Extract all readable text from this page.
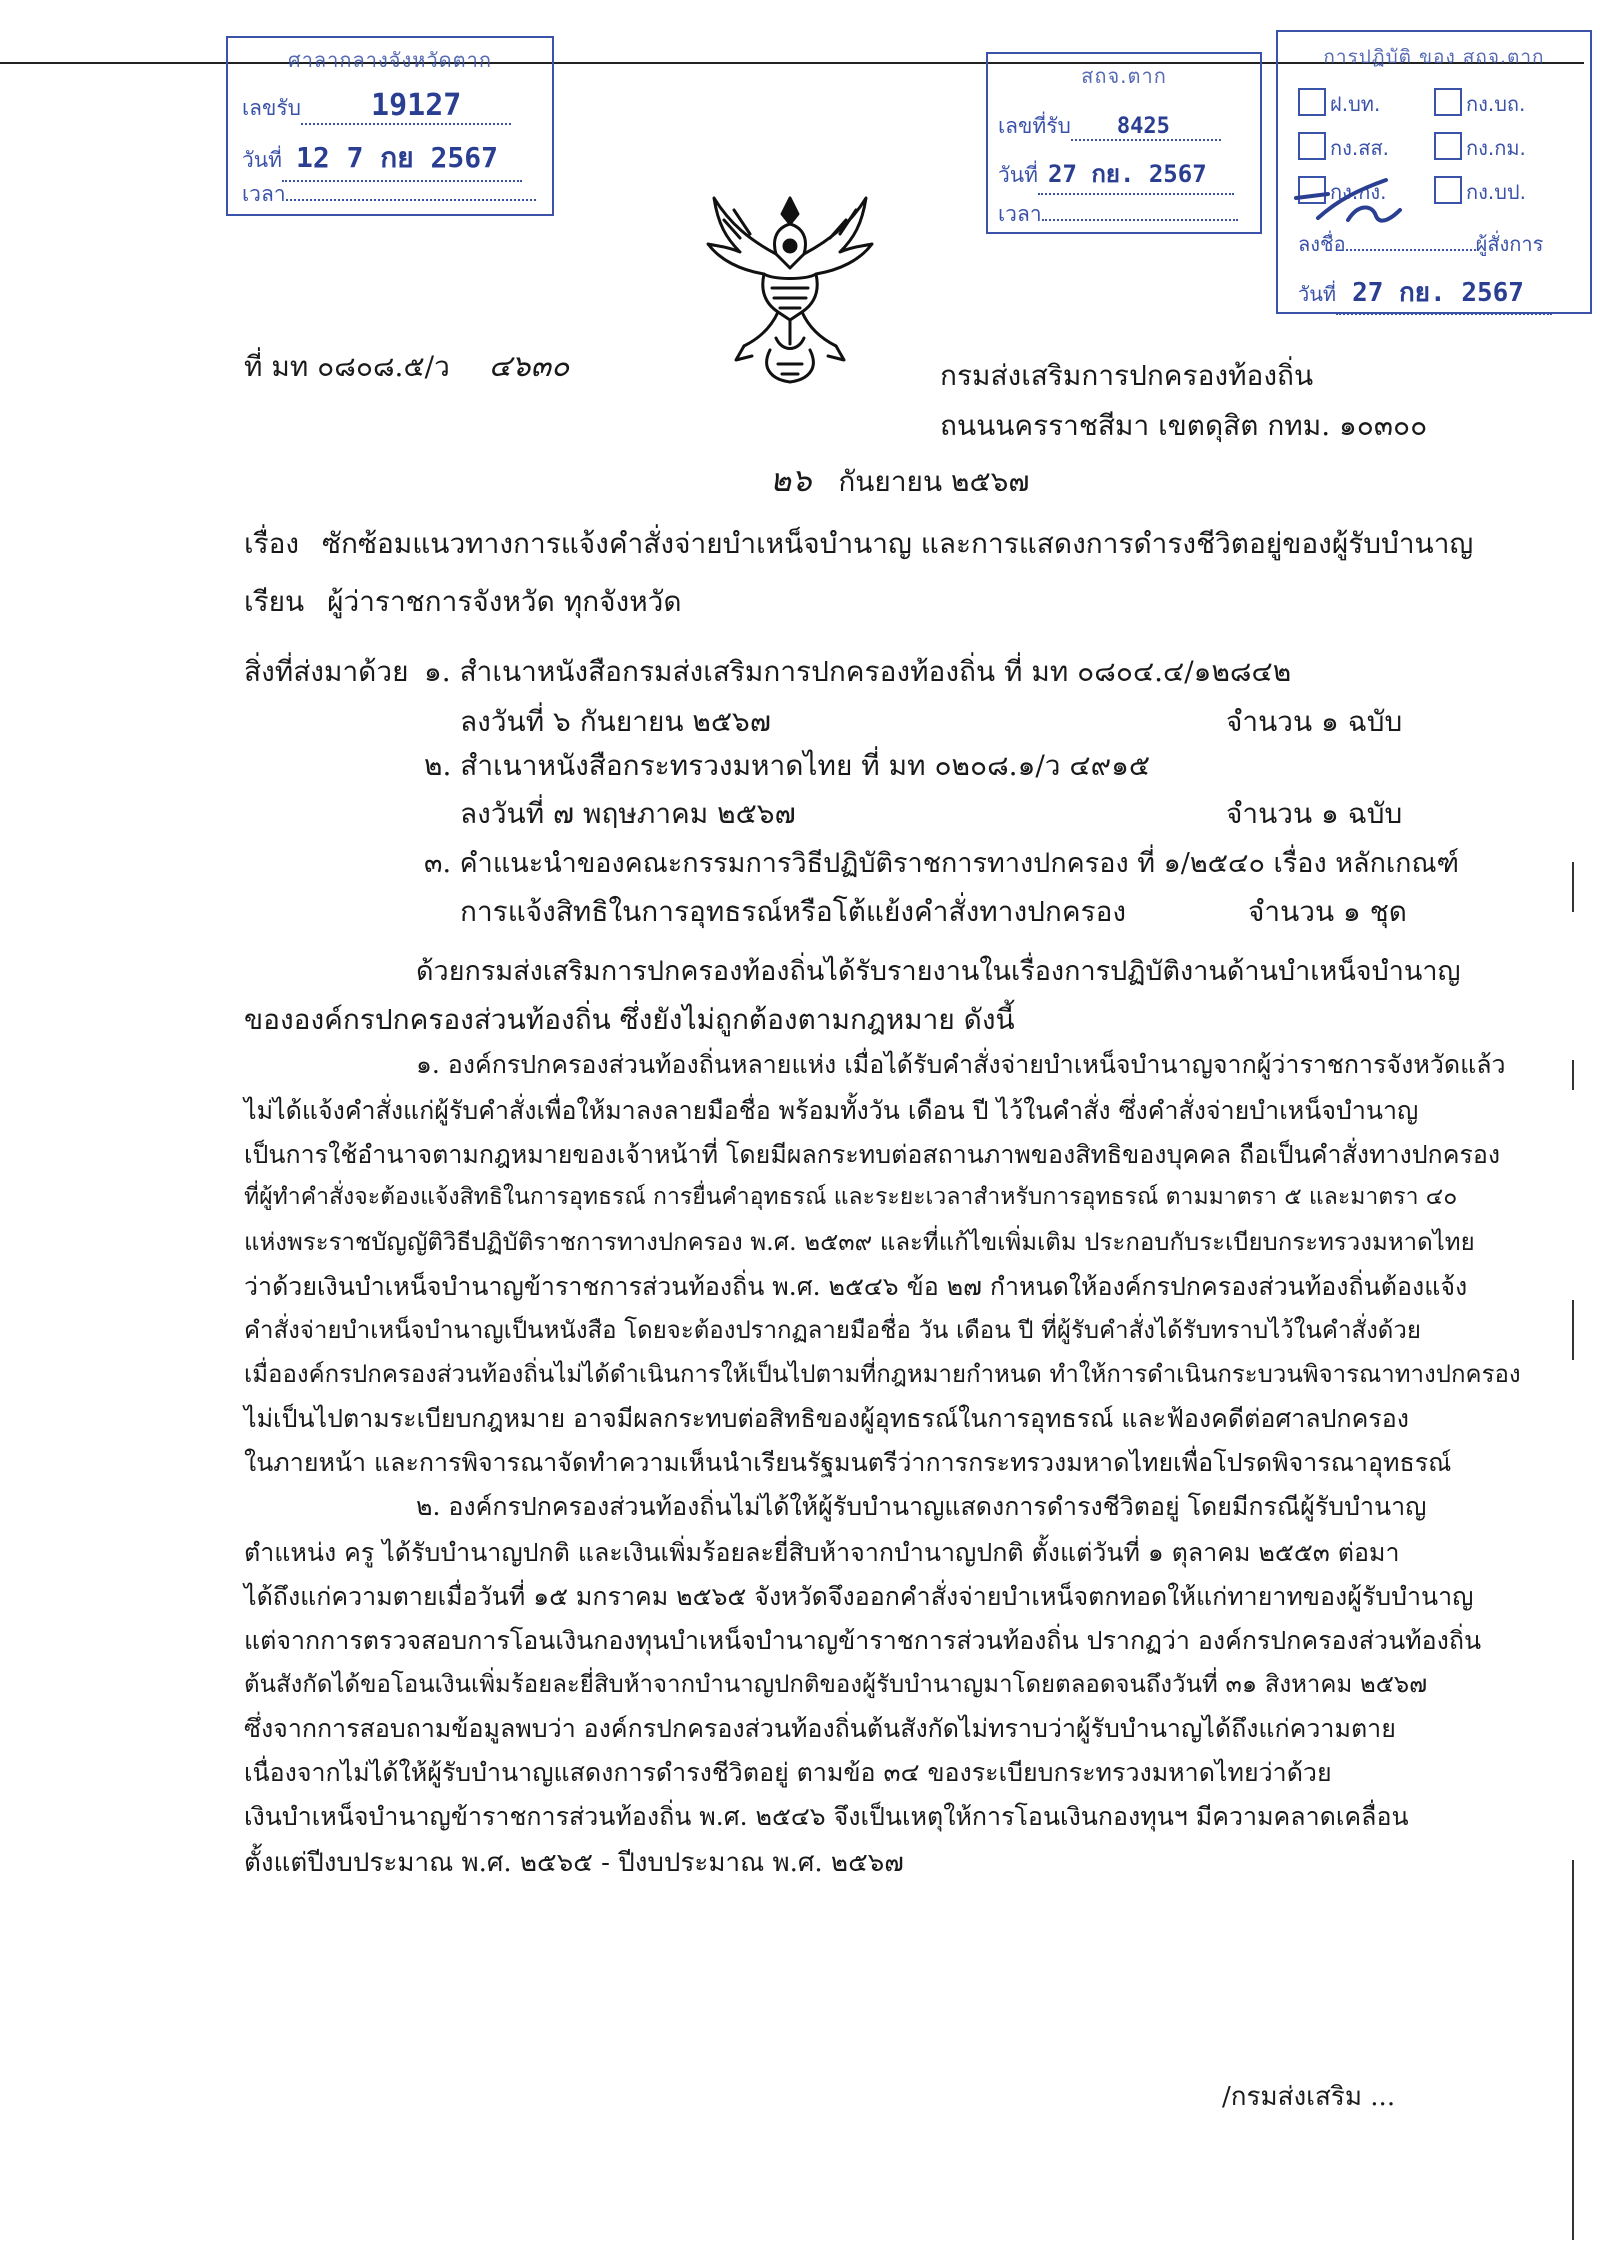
ศาลากลางจังหวัดตาก
เลขรับ 19127
วันที่ 12 7 กย 2567
เวลา
สถจ.ตาก
เลขที่รับ 8425
วันที่ 27 กย. 2567
เวลา
การปฏิบัติ ของ สถจ.ตาก
ฝ.บท.	กง.บถ.
กง.สส.	กง.กม.
กง.กง.	กง.บป.
ลงชื่อ	ผู้สั่งการ
วันที่ 27 กย. 2567
ที่ มท ๐๘๐๘.๕/ว ๔๖๓๐	กรมส่งเสริมการปกครองท้องถิ่น
ถนนนครราชสีมา เขตดุสิต กทม. ๑๐๓๐๐
๒๖ กันยายน ๒๕๖๗
เรื่อง ซักซ้อมแนวทางการแจ้งคำสั่งจ่ายบำเหน็จบำนาญ และการแสดงการดำรงชีวิตอยู่ของผู้รับบำนาญ
เรียน ผู้ว่าราชการจังหวัด ทุกจังหวัด
สิ่งที่ส่งมาด้วย ๑. สำเนาหนังสือกรมส่งเสริมการปกครองท้องถิ่น ที่ มท ๐๘๐๔.๔/๑๒๘๔๒
ลงวันที่ ๖ กันยายน ๒๕๖๗	จำนวน ๑ ฉบับ
๒. สำเนาหนังสือกระทรวงมหาดไทย ที่ มท ๐๒๐๘.๑/ว ๔๙๑๕
ลงวันที่ ๗ พฤษภาคม ๒๕๖๗	จำนวน ๑ ฉบับ
๓. คำแนะนำของคณะกรรมการวิธีปฏิบัติราชการทางปกครอง ที่ ๑/๒๕๔๐ เรื่อง หลักเกณฑ์
การแจ้งสิทธิในการอุทธรณ์หรือโต้แย้งคำสั่งทางปกครอง	จำนวน ๑ ชุด
ด้วยกรมส่งเสริมการปกครองท้องถิ่นได้รับรายงานในเรื่องการปฏิบัติงานด้านบำเหน็จบำนาญ
ขององค์กรปกครองส่วนท้องถิ่น ซึ่งยังไม่ถูกต้องตามกฎหมาย ดังนี้
๑. องค์กรปกครองส่วนท้องถิ่นหลายแห่ง เมื่อได้รับคำสั่งจ่ายบำเหน็จบำนาญจากผู้ว่าราชการจังหวัดแล้ว
ไม่ได้แจ้งคำสั่งแก่ผู้รับคำสั่งเพื่อให้มาลงลายมือชื่อ พร้อมทั้งวัน เดือน ปี ไว้ในคำสั่ง ซึ่งคำสั่งจ่ายบำเหน็จบำนาญ
เป็นการใช้อำนาจตามกฎหมายของเจ้าหน้าที่ โดยมีผลกระทบต่อสถานภาพของสิทธิของบุคคล ถือเป็นคำสั่งทางปกครอง
ที่ผู้ทำคำสั่งจะต้องแจ้งสิทธิในการอุทธรณ์ การยื่นคำอุทธรณ์ และระยะเวลาสำหรับการอุทธรณ์ ตามมาตรา ๕ และมาตรา ๔๐
แห่งพระราชบัญญัติวิธีปฏิบัติราชการทางปกครอง พ.ศ. ๒๕๓๙ และที่แก้ไขเพิ่มเติม ประกอบกับระเบียบกระทรวงมหาดไทย
ว่าด้วยเงินบำเหน็จบำนาญข้าราชการส่วนท้องถิ่น พ.ศ. ๒๕๔๖ ข้อ ๒๗ กำหนดให้องค์กรปกครองส่วนท้องถิ่นต้องแจ้ง
คำสั่งจ่ายบำเหน็จบำนาญเป็นหนังสือ โดยจะต้องปรากฏลายมือชื่อ วัน เดือน ปี ที่ผู้รับคำสั่งได้รับทราบไว้ในคำสั่งด้วย
เมื่อองค์กรปกครองส่วนท้องถิ่นไม่ได้ดำเนินการให้เป็นไปตามที่กฎหมายกำหนด ทำให้การดำเนินกระบวนพิจารณาทางปกครอง
ไม่เป็นไปตามระเบียบกฎหมาย อาจมีผลกระทบต่อสิทธิของผู้อุทธรณ์ในการอุทธรณ์ และฟ้องคดีต่อศาลปกครอง
ในภายหน้า และการพิจารณาจัดทำความเห็นนำเรียนรัฐมนตรีว่าการกระทรวงมหาดไทยเพื่อโปรดพิจารณาอุทธรณ์
๒. องค์กรปกครองส่วนท้องถิ่นไม่ได้ให้ผู้รับบำนาญแสดงการดำรงชีวิตอยู่ โดยมีกรณีผู้รับบำนาญ
ตำแหน่ง ครู ได้รับบำนาญปกติ และเงินเพิ่มร้อยละยี่สิบห้าจากบำนาญปกติ ตั้งแต่วันที่ ๑ ตุลาคม ๒๕๕๓ ต่อมา
ได้ถึงแก่ความตายเมื่อวันที่ ๑๕ มกราคม ๒๕๖๕ จังหวัดจึงออกคำสั่งจ่ายบำเหน็จตกทอดให้แก่ทายาทของผู้รับบำนาญ
แต่จากการตรวจสอบการโอนเงินกองทุนบำเหน็จบำนาญข้าราชการส่วนท้องถิ่น ปรากฏว่า องค์กรปกครองส่วนท้องถิ่น
ต้นสังกัดได้ขอโอนเงินเพิ่มร้อยละยี่สิบห้าจากบำนาญปกติของผู้รับบำนาญมาโดยตลอดจนถึงวันที่ ๓๑ สิงหาคม ๒๕๖๗
ซึ่งจากการสอบถามข้อมูลพบว่า องค์กรปกครองส่วนท้องถิ่นต้นสังกัดไม่ทราบว่าผู้รับบำนาญได้ถึงแก่ความตาย
เนื่องจากไม่ได้ให้ผู้รับบำนาญแสดงการดำรงชีวิตอยู่ ตามข้อ ๓๔ ของระเบียบกระทรวงมหาดไทยว่าด้วย
เงินบำเหน็จบำนาญข้าราชการส่วนท้องถิ่น พ.ศ. ๒๕๔๖ จึงเป็นเหตุให้การโอนเงินกองทุนฯ มีความคลาดเคลื่อน
ตั้งแต่ปีงบประมาณ พ.ศ. ๒๕๖๕ - ปีงบประมาณ พ.ศ. ๒๕๖๗
/กรมส่งเสริม ...
